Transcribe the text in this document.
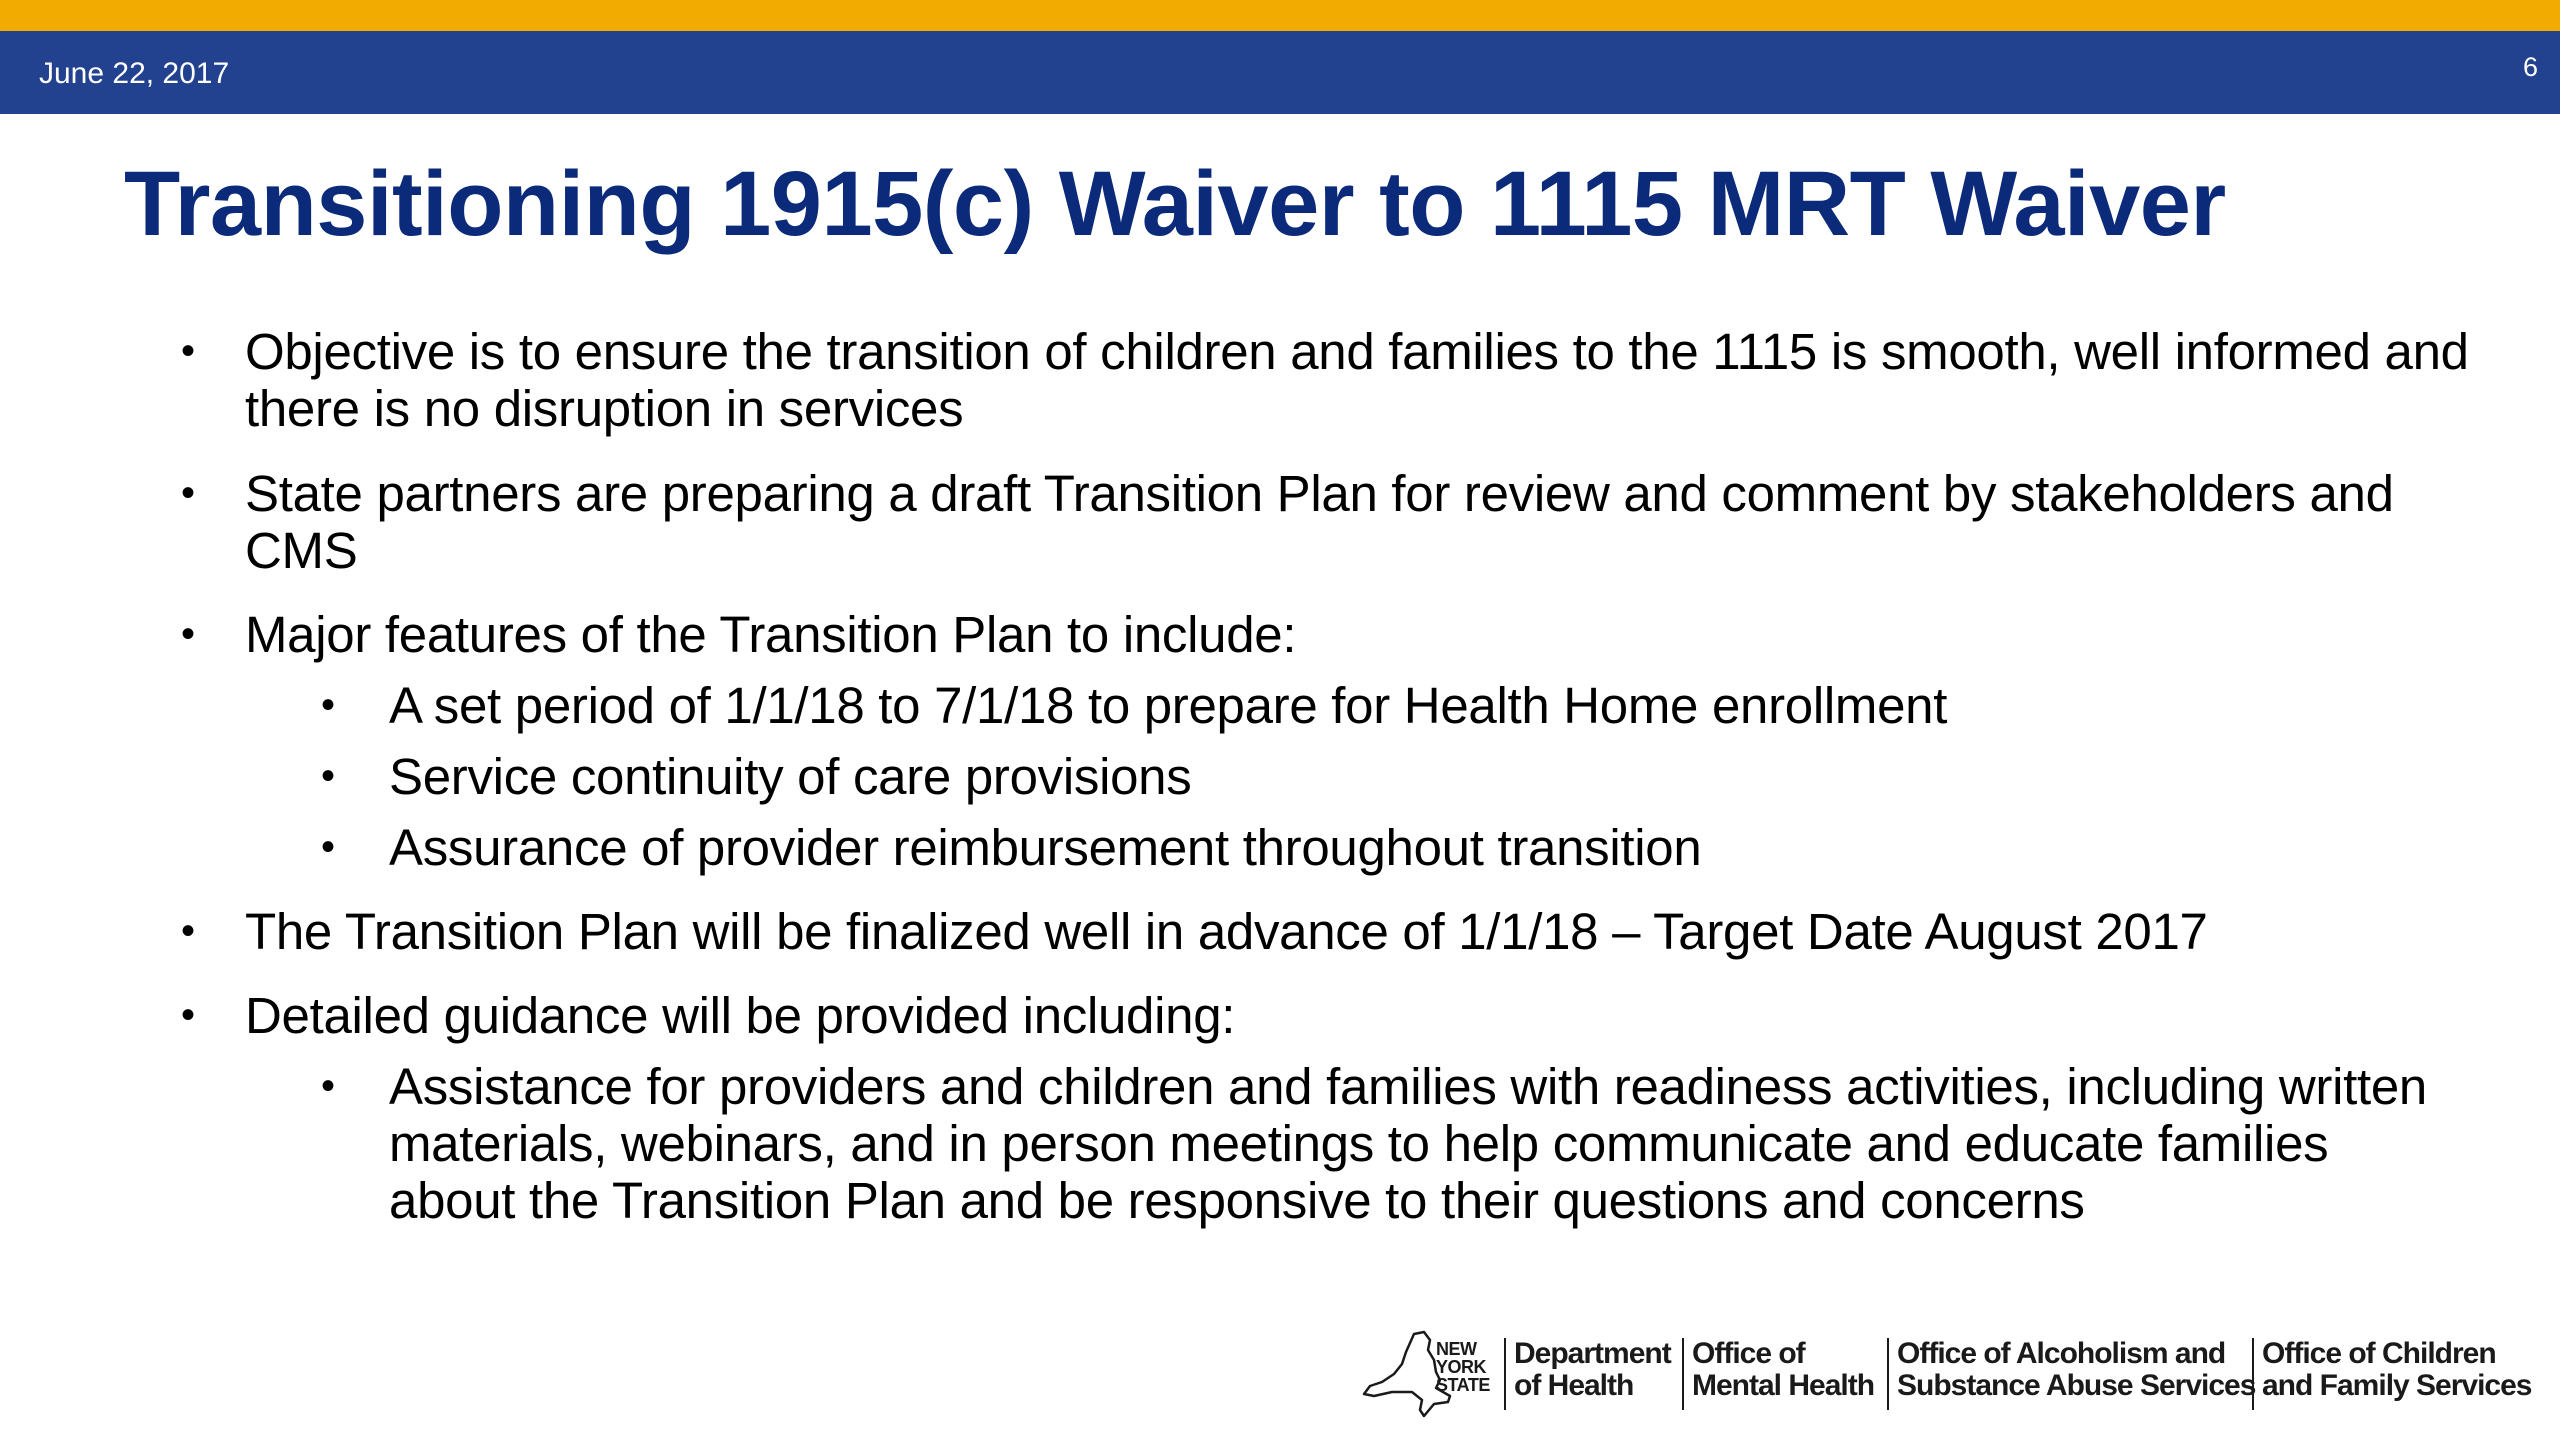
June 22, 2017	6
Transitioning 1915(c) Waiver to 1115 MRT Waiver
• Objective is to ensure the transition of children and families to the 1115 is smooth, well informed and there is no disruption in services
• State partners are preparing a draft Transition Plan for review and comment by stakeholders and CMS
• Major features of the Transition Plan to include:
• A set period of 1/1/18 to 7/1/18 to prepare for Health Home enrollment
• Service continuity of care provisions
• Assurance of provider reimbursement throughout transition
• The Transition Plan will be finalized well in advance of 1/1/18 – Target Date August 2017
• Detailed guidance will be provided including:
• Assistance for providers and children and families with readiness activities, including written materials, webinars, and in person meetings to help communicate and educate families about the Transition Plan and be responsive to their questions and concerns
NEW
YORK
STATE
Department
of Health
Office of
Mental Health
Office of Alcoholism and
Substance Abuse Services
Office of Children
and Family Services
